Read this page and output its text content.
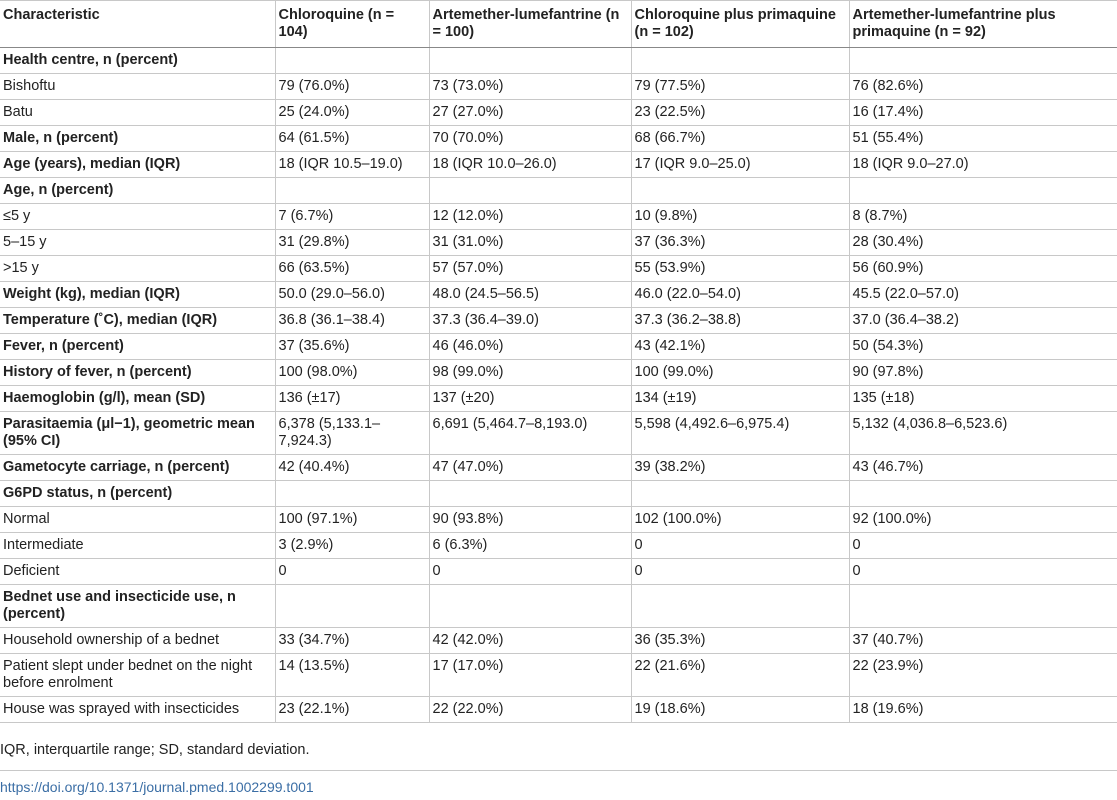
Characteristic	Chloroquine (n = 104)	Artemether-lumefantrine (n = 100)	Chloroquine plus primaquine (n = 102)	Artemether-lumefantrine plus primaquine (n = 92)
Health centre, n (percent)				
Bishoftu	79 (76.0%)	73 (73.0%)	79 (77.5%)	76 (82.6%)
Batu	25 (24.0%)	27 (27.0%)	23 (22.5%)	16 (17.4%)
Male, n (percent)	64 (61.5%)	70 (70.0%)	68 (66.7%)	51 (55.4%)
Age (years), median (IQR)	18 (IQR 10.5–19.0)	18 (IQR 10.0–26.0)	17 (IQR 9.0–25.0)	18 (IQR 9.0–27.0)
Age, n (percent)				
≤5 y	7 (6.7%)	12 (12.0%)	10 (9.8%)	8 (8.7%)
5–15 y	31 (29.8%)	31 (31.0%)	37 (36.3%)	28 (30.4%)
>15 y	66 (63.5%)	57 (57.0%)	55 (53.9%)	56 (60.9%)
Weight (kg), median (IQR)	50.0 (29.0–56.0)	48.0 (24.5–56.5)	46.0 (22.0–54.0)	45.5 (22.0–57.0)
Temperature (˚C), median (IQR)	36.8 (36.1–38.4)	37.3 (36.4–39.0)	37.3 (36.2–38.8)	37.0 (36.4–38.2)
Fever, n (percent)	37 (35.6%)	46 (46.0%)	43 (42.1%)	50 (54.3%)
History of fever, n (percent)	100 (98.0%)	98 (99.0%)	100 (99.0%)	90 (97.8%)
Haemoglobin (g/l), mean (SD)	136 (±17)	137 (±20)	134 (±19)	135 (±18)
Parasitaemia (μl−1), geometric mean (95% CI)	6,378 (5,133.1–7,924.3)	6,691 (5,464.7–8,193.0)	5,598 (4,492.6–6,975.4)	5,132 (4,036.8–6,523.6)
Gametocyte carriage, n (percent)	42 (40.4%)	47 (47.0%)	39 (38.2%)	43 (46.7%)
G6PD status, n (percent)				
Normal	100 (97.1%)	90 (93.8%)	102 (100.0%)	92 (100.0%)
Intermediate	3 (2.9%)	6 (6.3%)	0	0
Deficient	0	0	0	0
Bednet use and insecticide use, n (percent)				
Household ownership of a bednet	33 (34.7%)	42 (42.0%)	36 (35.3%)	37 (40.7%)
Patient slept under bednet on the night before enrolment	14 (13.5%)	17 (17.0%)	22 (21.6%)	22 (23.9%)
House was sprayed with insecticides	23 (22.1%)	22 (22.0%)	19 (18.6%)	18 (19.6%)
IQR, interquartile range; SD, standard deviation.
https://doi.org/10.1371/journal.pmed.1002299.t001
